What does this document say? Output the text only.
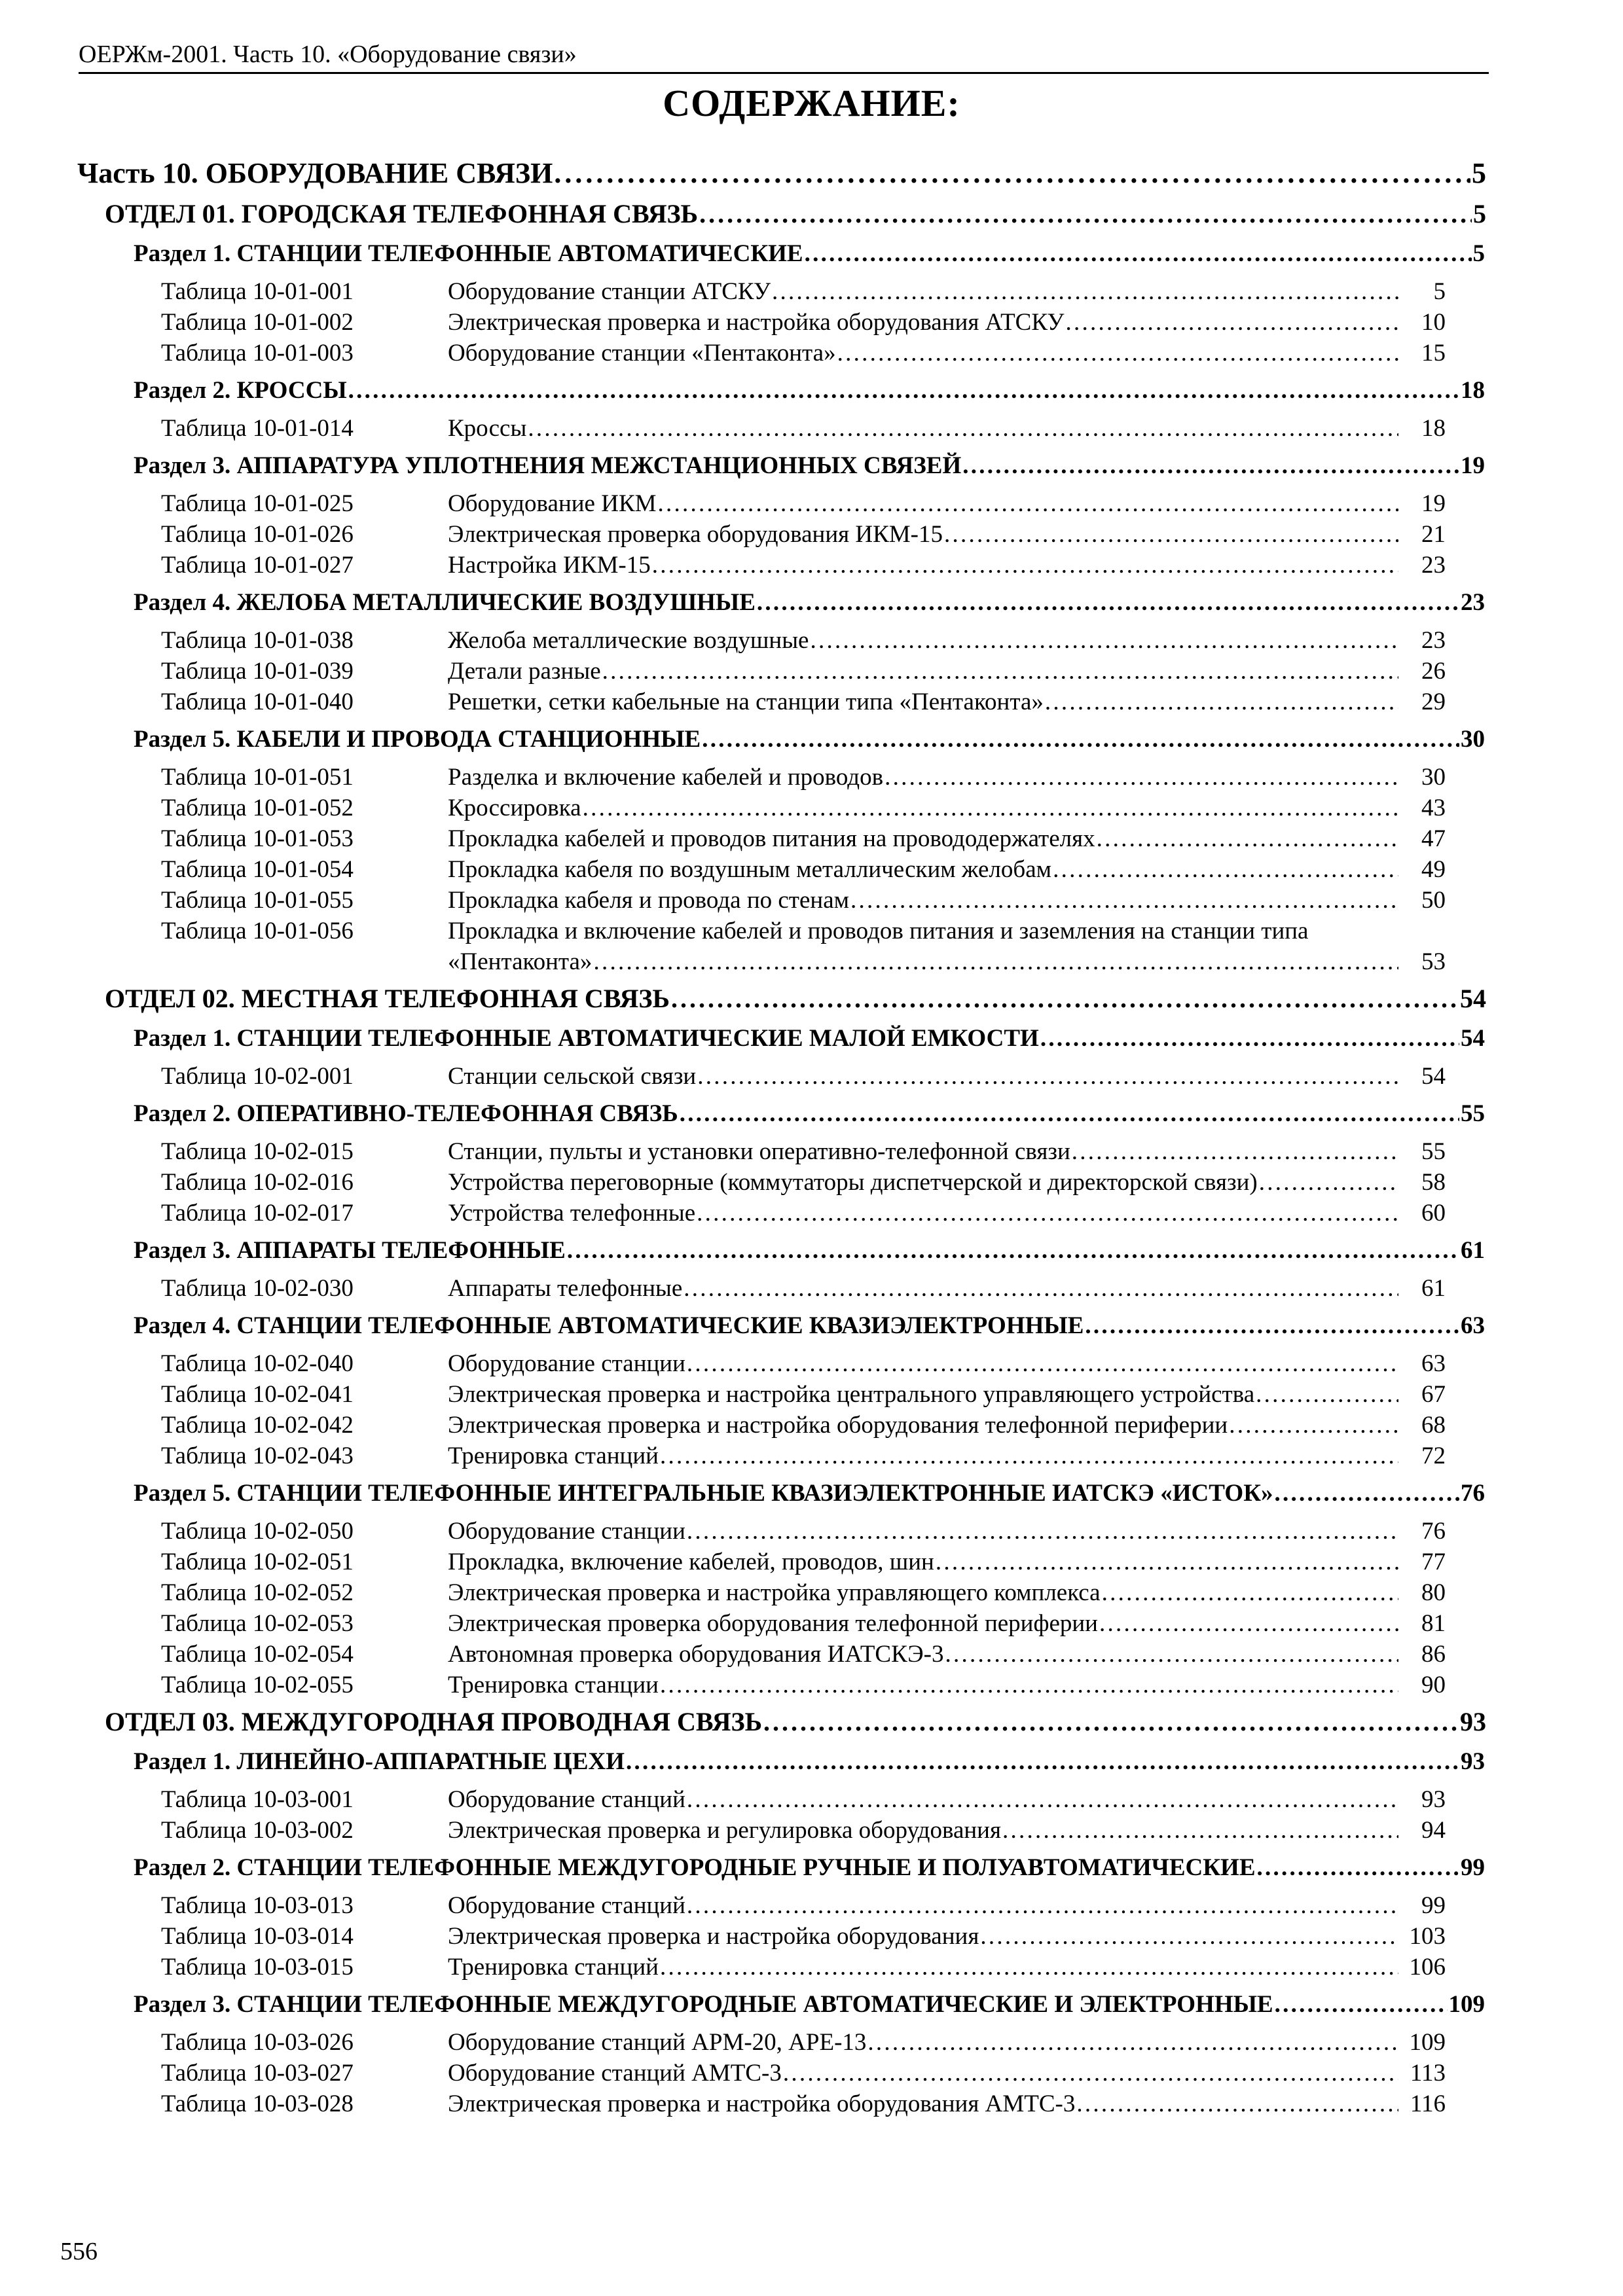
ОЕРЖм-2001. Часть 10. «Оборудование связи»
СОДЕРЖАНИЕ:
Часть 10. ОБОРУДОВАНИЕ СВЯЗИ . . .	5
ОТДЕЛ 01. ГОРОДСКАЯ ТЕЛЕФОННАЯ СВЯЗЬ . . .	5
Раздел 1. СТАНЦИИ ТЕЛЕФОННЫЕ АВТОМАТИЧЕСКИЕ . . .	5
Таблица 10-01-001	Оборудование станции АТСКУ . . .	5
Таблица 10-01-002	Электрическая проверка и настройка оборудования АТСКУ . . .	10
Таблица 10-01-003	Оборудование станции «Пентаконта» . . .	15
Раздел 2. КРОССЫ . . .	18
Таблица 10-01-014	Кроссы . . .	18
Раздел 3. АППАРАТУРА УПЛОТНЕНИЯ МЕЖСТАНЦИОННЫХ СВЯЗЕЙ . . .	19
Таблица 10-01-025	Оборудование ИКМ . . .	19
Таблица 10-01-026	Электрическая проверка оборудования ИКМ-15 . . .	21
Таблица 10-01-027	Настройка ИКМ-15 . . .	23
Раздел 4. ЖЕЛОБА МЕТАЛЛИЧЕСКИЕ ВОЗДУШНЫЕ . . .	23
Таблица 10-01-038	Желоба металлические воздушные . . .	23
Таблица 10-01-039	Детали разные . . .	26
Таблица 10-01-040	Решетки, сетки кабельные на станции типа «Пентаконта» . . .	29
Раздел 5. КАБЕЛИ И ПРОВОДА СТАНЦИОННЫЕ . . .	30
Таблица 10-01-051	Разделка и включение кабелей и проводов . . .	30
Таблица 10-01-052	Кроссировка . . .	43
Таблица 10-01-053	Прокладка кабелей и проводов питания на провододержателях . . .	47
Таблица 10-01-054	Прокладка кабеля по воздушным металлическим желобам . . .	49
Таблица 10-01-055	Прокладка кабеля и провода по стенам . . .	50
Таблица 10-01-056	Прокладка и включение кабелей и проводов питания и заземления на станции типа
«Пентаконта» . . .	53
ОТДЕЛ 02. МЕСТНАЯ ТЕЛЕФОННАЯ СВЯЗЬ . . .	54
Раздел 1. СТАНЦИИ ТЕЛЕФОННЫЕ АВТОМАТИЧЕСКИЕ МАЛОЙ ЕМКОСТИ . . .	54
Таблица 10-02-001	Станции сельской связи . . .	54
Раздел 2. ОПЕРАТИВНО-ТЕЛЕФОННАЯ СВЯЗЬ . . .	55
Таблица 10-02-015	Станции, пульты и установки оперативно-телефонной связи . . .	55
Таблица 10-02-016	Устройства переговорные (коммутаторы диспетчерской и директорской связи) . . .	58
Таблица 10-02-017	Устройства телефонные . . .	60
Раздел 3. АППАРАТЫ ТЕЛЕФОННЫЕ . . .	61
Таблица 10-02-030	Аппараты телефонные . . .	61
Раздел 4. СТАНЦИИ ТЕЛЕФОННЫЕ АВТОМАТИЧЕСКИЕ КВАЗИЭЛЕКТРОННЫЕ . . .	63
Таблица 10-02-040	Оборудование станции . . .	63
Таблица 10-02-041	Электрическая проверка и настройка центрального управляющего устройства . . .	67
Таблица 10-02-042	Электрическая проверка и настройка оборудования телефонной периферии . . .	68
Таблица 10-02-043	Тренировка станций . . .	72
Раздел 5. СТАНЦИИ ТЕЛЕФОННЫЕ ИНТЕГРАЛЬНЫЕ КВАЗИЭЛЕКТРОННЫЕ ИАТСКЭ «ИСТОК» . . .	76
Таблица 10-02-050	Оборудование станции . . .	76
Таблица 10-02-051	Прокладка, включение кабелей, проводов, шин . . .	77
Таблица 10-02-052	Электрическая проверка и настройка управляющего комплекса . . .	80
Таблица 10-02-053	Электрическая проверка оборудования телефонной периферии . . .	81
Таблица 10-02-054	Автономная проверка оборудования ИАТСКЭ-3 . . .	86
Таблица 10-02-055	Тренировка станции . . .	90
ОТДЕЛ 03. МЕЖДУГОРОДНАЯ ПРОВОДНАЯ СВЯЗЬ . . .	93
Раздел 1. ЛИНЕЙНО-АППАРАТНЫЕ ЦЕХИ . . .	93
Таблица 10-03-001	Оборудование станций . . .	93
Таблица 10-03-002	Электрическая проверка и регулировка оборудования . . .	94
Раздел 2. СТАНЦИИ ТЕЛЕФОННЫЕ МЕЖДУГОРОДНЫЕ РУЧНЫЕ И ПОЛУАВТОМАТИЧЕСКИЕ . . .	99
Таблица 10-03-013	Оборудование станций . . .	99
Таблица 10-03-014	Электрическая проверка и настройка оборудования . . .	103
Таблица 10-03-015	Тренировка станций . . .	106
Раздел 3. СТАНЦИИ ТЕЛЕФОННЫЕ МЕЖДУГОРОДНЫЕ АВТОМАТИЧЕСКИЕ И ЭЛЕКТРОННЫЕ . . .	109
Таблица 10-03-026	Оборудование станций АРМ-20, АРЕ-13 . . .	109
Таблица 10-03-027	Оборудование станций АМТС-3 . . .	113
Таблица 10-03-028	Электрическая проверка и настройка оборудования АМТС-3 . . .	116
556
